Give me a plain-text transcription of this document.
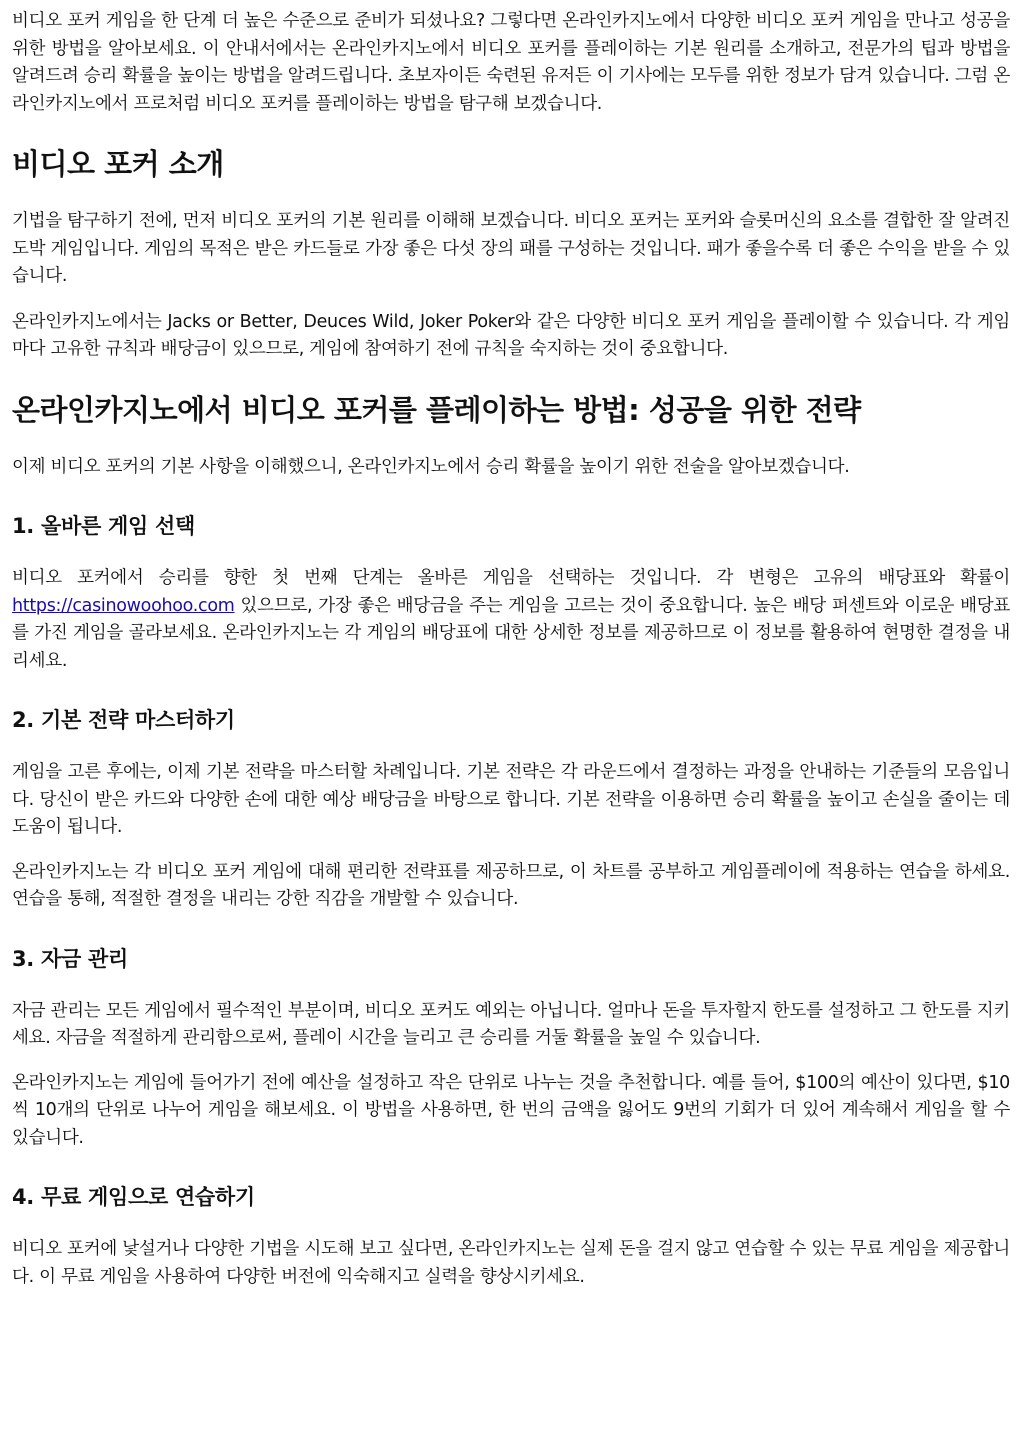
비디오 포커 게임을 한 단계 더 높은 수준으로 준비가 되셨나요? 그렇다면 온라인카지노에서 다양한 비디오 포커 게임을 만나고 성공을 위한 방법을 알아보세요. 이 안내서에서는 온라인카지노에서 비디오 포커를 플레이하는 기본 원리를 소개하고, 전문가의 팁과 방법을 알려드려 승리 확률을 높이는 방법을 알려드립니다. 초보자이든 숙련된 유저든 이 기사에는 모두를 위한 정보가 담겨 있습니다. 그럼 온라인카지노에서 프로처럼 비디오 포커를 플레이하는 방법을 탐구해 보겠습니다.

비디오 포커 소개

기법을 탐구하기 전에, 먼저 비디오 포커의 기본 원리를 이해해 보겠습니다. 비디오 포커는 포커와 슬롯머신의 요소를 결합한 잘 알려진 도박 게임입니다. 게임의 목적은 받은 카드들로 가장 좋은 다섯 장의 패를 구성하는 것입니다. 패가 좋을수록 더 좋은 수익을 받을 수 있습니다.

온라인카지노에서는 Jacks or Better, Deuces Wild, Joker Poker와 같은 다양한 비디오 포커 게임을 플레이할 수 있습니다. 각 게임마다 고유한 규칙과 배당금이 있으므로, 게임에 참여하기 전에 규칙을 숙지하는 것이 중요합니다.

온라인카지노에서 비디오 포커를 플레이하는 방법: 성공을 위한 전략

이제 비디오 포커의 기본 사항을 이해했으니, 온라인카지노에서 승리 확률을 높이기 위한 전술을 알아보겠습니다.

1. 올바른 게임 선택

비디오 포커에서 승리를 향한 첫 번째 단계는 올바른 게임을 선택하는 것입니다. 각 변형은 고유의 배당표와 확률이 https://casinowoohoo.com 있으므로, 가장 좋은 배당금을 주는 게임을 고르는 것이 중요합니다. 높은 배당 퍼센트와 이로운 배당표를 가진 게임을 골라보세요. 온라인카지노는 각 게임의 배당표에 대한 상세한 정보를 제공하므로 이 정보를 활용하여 현명한 결정을 내리세요.

2. 기본 전략 마스터하기

게임을 고른 후에는, 이제 기본 전략을 마스터할 차례입니다. 기본 전략은 각 라운드에서 결정하는 과정을 안내하는 기준들의 모음입니다. 당신이 받은 카드와 다양한 손에 대한 예상 배당금을 바탕으로 합니다. 기본 전략을 이용하면 승리 확률을 높이고 손실을 줄이는 데 도움이 됩니다.

온라인카지노는 각 비디오 포커 게임에 대해 편리한 전략표를 제공하므로, 이 차트를 공부하고 게임플레이에 적용하는 연습을 하세요. 연습을 통해, 적절한 결정을 내리는 강한 직감을 개발할 수 있습니다.

3. 자금 관리

자금 관리는 모든 게임에서 필수적인 부분이며, 비디오 포커도 예외는 아닙니다. 얼마나 돈을 투자할지 한도를 설정하고 그 한도를 지키세요. 자금을 적절하게 관리함으로써, 플레이 시간을 늘리고 큰 승리를 거둘 확률을 높일 수 있습니다.

온라인카지노는 게임에 들어가기 전에 예산을 설정하고 작은 단위로 나누는 것을 추천합니다. 예를 들어, $100의 예산이 있다면, $10씩 10개의 단위로 나누어 게임을 해보세요. 이 방법을 사용하면, 한 번의 금액을 잃어도 9번의 기회가 더 있어 계속해서 게임을 할 수 있습니다.

4. 무료 게임으로 연습하기

비디오 포커에 낯설거나 다양한 기법을 시도해 보고 싶다면, 온라인카지노는 실제 돈을 걸지 않고 연습할 수 있는 무료 게임을 제공합니다. 이 무료 게임을 사용하여 다양한 버전에 익숙해지고 실력을 향상시키세요.
